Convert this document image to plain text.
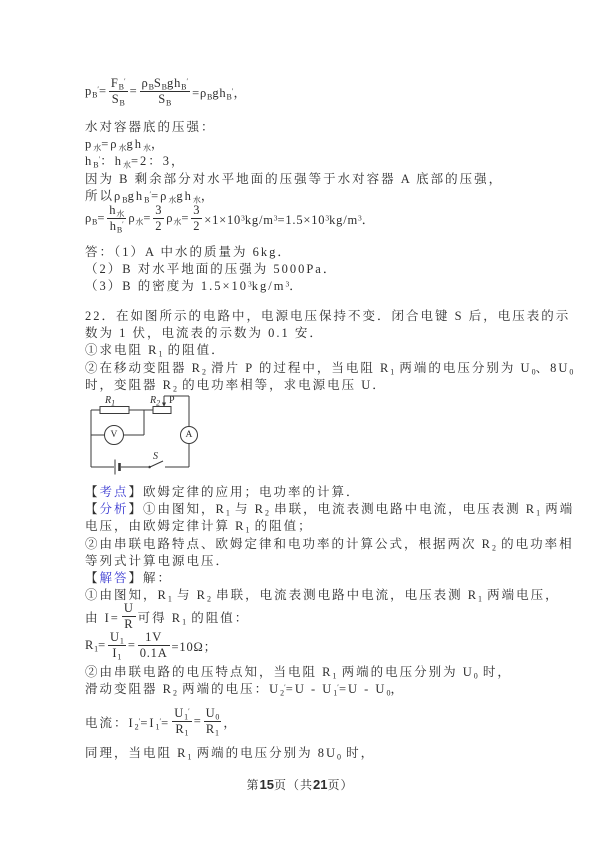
$p_B'= \frac{F_B'}{S_B} = \frac{\rho_BS_Bgh_B'}{S_B} =\rho_Bgh_B'$，
水对容器底的压强：
$p_水=\rho_水gh_水$，
$h_B'$：$h_水=2$：3，
因为 B 剩余部分对水平地面的压强等于水对容器 A 底部的压强，
所以$\rho_Bgh_B'=\rho_水gh_水$，
$\rho_B= \frac{h_水}{h_B'} \rho_水= \frac{3}{2} \rho_水= \frac{3}{2} \times 1\times 10^3kg/m^3=1.5\times 10^3kg/m^3$．
答：（1）A 中水的质量为 6kg．
（2）B 对水平地面的压强为 5000Pa．
（3）B 的密度为 $1.5\times 10^3kg/m^3$．
22．在如图所示的电路中，电源电压保持不变．闭合电键 S 后，电压表的示
数为 1 伏，电流表的示数为 0.1 安．
①求电阻 $R_1$ 的阻值．
②在移动变阻器 $R_2$ 滑片 P 的过程中，当电阻 $R_1$ 两端的电压分别为 $U_0$、$8U_0$
时，变阻器 $R_2$ 的电功率相等，求电源电压 U．
$R_1$	$R_2$ P
V	A
S
【考点】欧姆定律的应用；电功率的计算．
【分析】①由图知，$R_1$ 与 $R_2$ 串联，电流表测电路中电流，电压表测 $R_1$ 两端
电压，由欧姆定律计算 $R_1$ 的阻值；
②由串联电路特点、欧姆定律和电功率的计算公式，根据两次 $R_2$ 的电功率相
等列式计算电源电压．
【解答】解：
①由图知，$R_1$ 与 $R_2$ 串联，电流表测电路中电流，电压表测 $R_1$ 两端电压，
由 $I= \frac{U}{R}$ 可得 $R_1$ 的阻值：
$R_1= \frac{U_1}{I_1} = \frac{1V}{0.1A} =10\Omega$；
②由串联电路的电压特点知，当电阻 $R_1$ 两端的电压分别为 $U_0$ 时，
滑动变阻器 $R_2$ 两端的电压：$U_2'=U - U_1'=U - U_0$，
电流：$I_2'=I_1'= \frac{U_1'}{R_1} = \frac{U_0}{R_1}$ ，
同理，当电阻 $R_1$ 两端的电压分别为 $8U_0$ 时，
第15页（共21页）
